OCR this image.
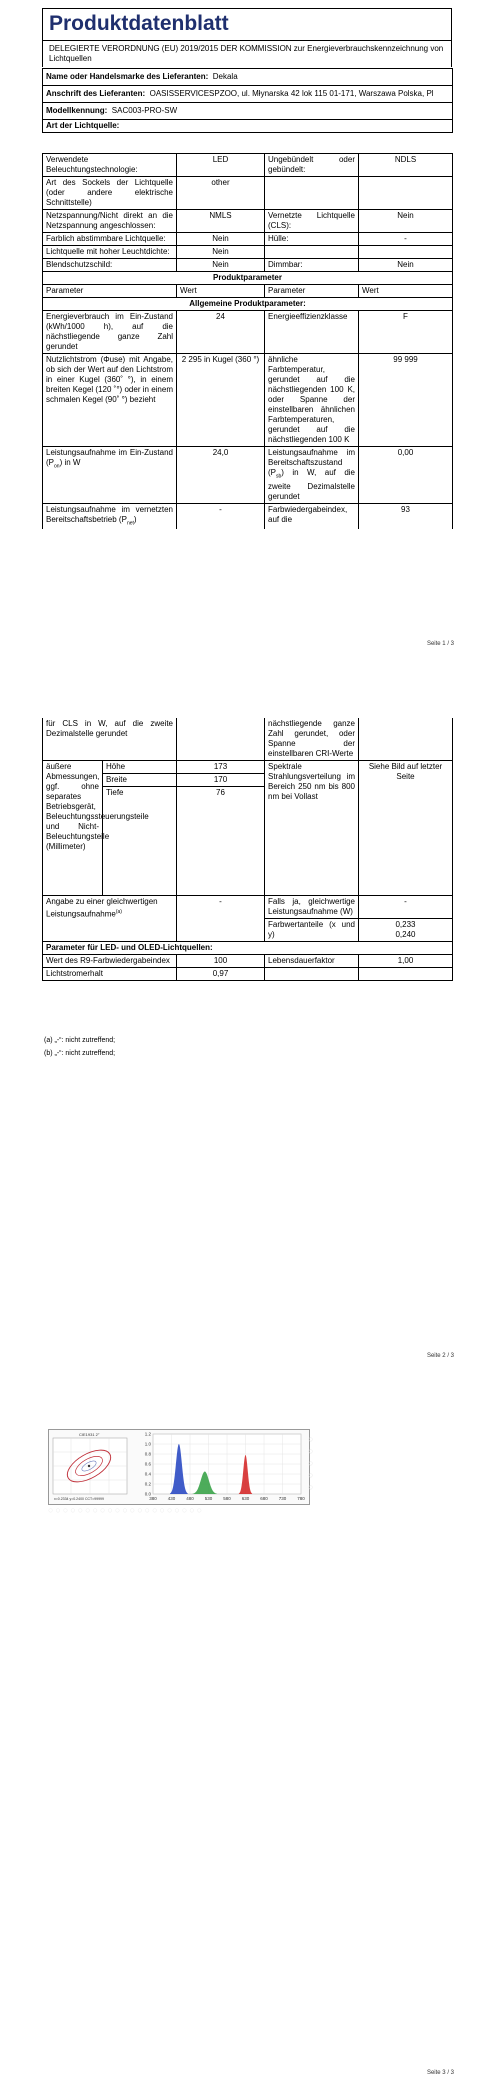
Produktdatenblatt
DELEGIERTE VERORDNUNG (EU) 2019/2015 DER KOMMISSION zur Energieverbrauchskennzeichnung von Lichtquellen
Name oder Handelsmarke des Lieferanten: Dekala
Anschrift des Lieferanten: OASISSERVICESPZOO, ul. Młynarska 42 lok 115 01-171, Warszawa Polska, Pl
Modellkennung: SAC003-PRO-SW
Art der Lichtquelle:
Verwendete Beleuchtungstechnologie:	LED	Ungebündelt oder gebündelt:	NDLS
Art des Sockels der Lichtquelle (oder andere elektrische Schnittstelle)	other		
Netzspannung/Nicht direkt an die Netzspannung angeschlossen:	NMLS	Vernetzte Lichtquelle (CLS):	Nein
Farblich abstimmbare Lichtquelle:	Nein	Hülle:	-
Lichtquelle mit hoher Leuchtdichte:	Nein		
Blendschutzschild:	Nein	Dimmbar:	Nein
Produktparameter			
Parameter	Wert	Parameter	Wert
Allgemeine Produktparameter:			
Energieverbrauch im Ein-Zustand (kWh/1000 h), auf die nächstliegende ganze Zahl gerundet	24	Energieeffizienzklasse	F
Nutzlichtstrom (Φuse) mit Angabe, ob sich der Wert auf den Lichtstrom in einer Kugel (360˚ °), in einem breiten Kegel (120 ˚°) oder in einem schmalen Kegel (90˚ °) bezieht	2 295 in Kugel (360 °)	ähnliche Farbtemperatur, gerundet auf die nächstliegenden 100 K, oder Spanne der einstellbaren ähnlichen Farbtemperaturen, gerundet auf die nächstliegenden 100 K	99 999
Leistungsaufnahme im Ein-Zustand $(P_{on})$ in W	24,0	Leistungsaufnahme im Bereitschaftszustand $(P_{sb})$ in W, auf die zweite Dezimalstelle gerundet	0,00
Leistungsaufnahme im vernetzten Bereitschaftsbetrieb $(P_{net})$	-	Farbwiedergabeindex, auf die	93
Seite 1 / 3
für CLS in W, auf die zweite Dezimalstelle gerundet			nächstliegende ganze Zahl gerundet, oder Spanne der einstellbaren CRI-Werte	
äußere Abmessungen, ggf. ohne separates Betriebsgerät, Beleuchtungssteuerungsteile und Nicht-Beleuchtungsteile (Millimeter)	Höhe	173	Spektrale Strahlungsverteilung im Bereich 250 nm bis 800 nm bei Vollast	Siehe Bild auf letzter Seite
	Breite	170		
	Tiefe	76		
Angabe zu einer gleichwertigen Leistungsaufnahme$^{(a)}$		-	Falls ja, gleichwertige Leistungsaufnahme (W)	-
			Farbwertanteile (x und y)	0,233
0,240

Parameter für LED- und OLED-Lichtquellen:				
Wert des R9-Farbwiedergabeindex		100	Lebensdauerfaktor	1,00
Lichtstromerhalt		0,97		
(a) „-“: nicht zutreffend;
(b) „-“: nicht zutreffend;
Seite 2 / 3
CIE1931 2°
x=0.2334 y=0.2400 CCT=99999
1.2
1.0
0.8
0.6
0.4
0.2
0.0
380 430 480 530 580 630 680 730 780
○
○
○
○
○
○○○○○○○○○○○○○○○○○○○○○
Seite 3 / 3
